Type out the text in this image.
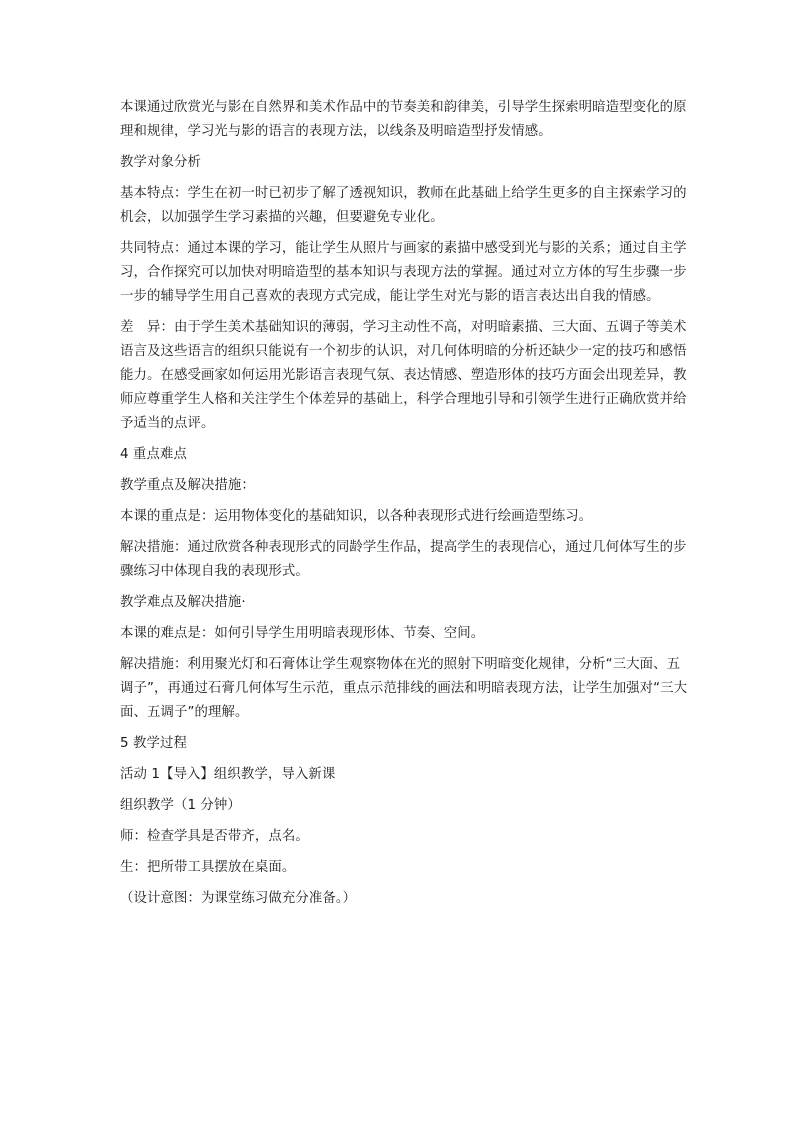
本课通过欣赏光与影在自然界和美术作品中的节奏美和韵律美，引导学生探索明暗造型变化的原理和规律，学习光与影的语言的表现方法，以线条及明暗造型抒发情感。

教学对象分析

基本特点：学生在初一时已初步了解了透视知识，教师在此基础上给学生更多的自主探索学习的机会，以加强学生学习素描的兴趣，但要避免专业化。

共同特点：通过本课的学习，能让学生从照片与画家的素描中感受到光与影的关系；通过自主学习，合作探究可以加快对明暗造型的基本知识与表现方法的掌握。通过对立方体的写生步骤一步一步的辅导学生用自己喜欢的表现方式完成，能让学生对光与影的语言表达出自我的情感。

差　异：由于学生美术基础知识的薄弱，学习主动性不高，对明暗素描、三大面、五调子等美术语言及这些语言的组织只能说有一个初步的认识，对几何体明暗的分析还缺少一定的技巧和感悟能力。在感受画家如何运用光影语言表现气氛、表达情感、塑造形体的技巧方面会出现差异，教师应尊重学生人格和关注学生个体差异的基础上，科学合理地引导和引领学生进行正确欣赏并给予适当的点评。

4 重点难点

教学重点及解决措施：

本课的重点是：运用物体变化的基础知识，以各种表现形式进行绘画造型练习。

解决措施：通过欣赏各种表现形式的同龄学生作品，提高学生的表现信心，通过几何体写生的步骤练习中体现自我的表现形式。

教学难点及解决措施·

本课的难点是：如何引导学生用明暗表现形体、节奏、空间。

解决措施：利用聚光灯和石膏体让学生观察物体在光的照射下明暗变化规律，分析“三大面、五调子”，再通过石膏几何体写生示范，重点示范排线的画法和明暗表现方法，让学生加强对“三大面、五调子”的理解。

5 教学过程

活动 1【导入】组织教学，导入新课

组织教学（1 分钟）

师：检查学具是否带齐，点名。

生：把所带工具摆放在桌面。

（设计意图：为课堂练习做充分准备。）
